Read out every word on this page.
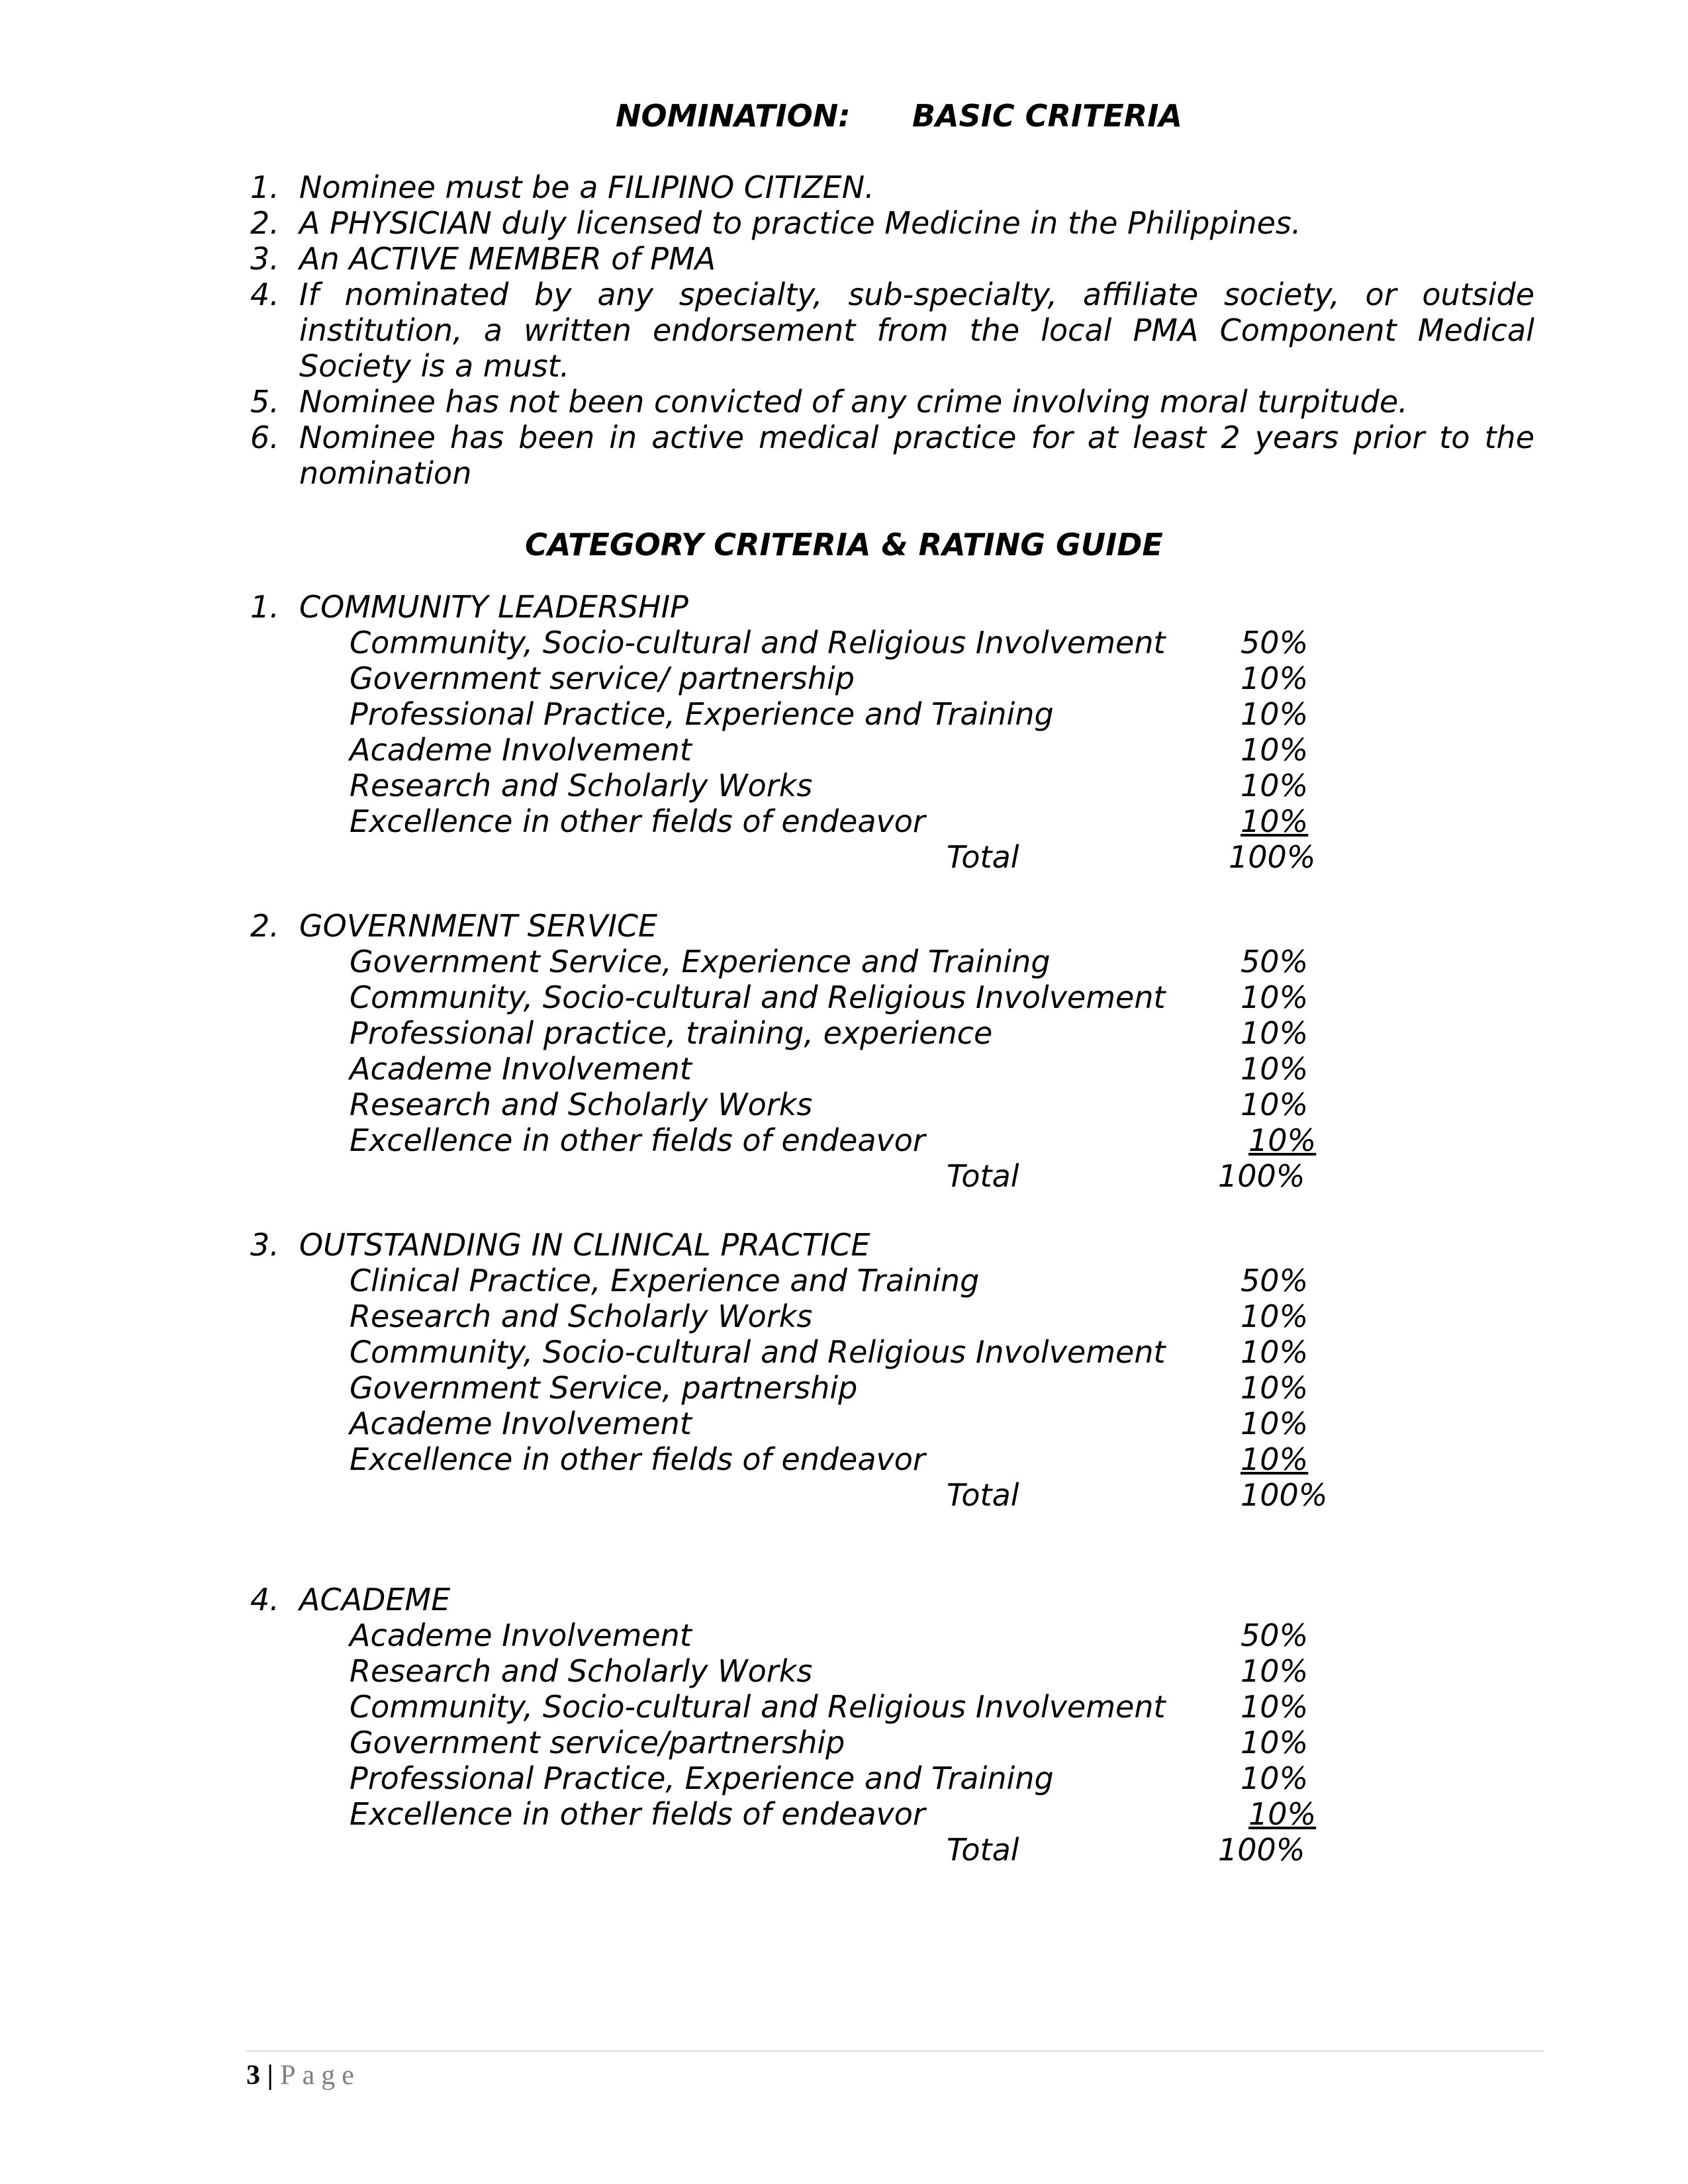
NOMINATION: BASIC CRITERIA
1. Nominee must be a FILIPINO CITIZEN.
2. A PHYSICIAN duly licensed to practice Medicine in the Philippines.
3. An ACTIVE MEMBER of PMA
4. If nominated by any specialty, sub-specialty, affiliate society, or outside institution, a written endorsement from the local PMA Component Medical Society is a must.
5. Nominee has not been convicted of any crime involving moral turpitude.
6. Nominee has been in active medical practice for at least 2 years prior to the nomination
CATEGORY CRITERIA & RATING GUIDE
1. COMMUNITY LEADERSHIP
Community, Socio-cultural and Religious Involvement 50%
Government service/ partnership	10%
Professional Practice, Experience and Training	10%
Academe Involvement	10%
Research and Scholarly Works	10%
Excellence in other fields of endeavor	10%
Total	100%
2. GOVERNMENT SERVICE
Government Service, Experience and Training	50%
Community, Socio-cultural and Religious Involvement 10%
Professional practice, training, experience	10%
Academe Involvement	10%
Research and Scholarly Works	10%
Excellence in other fields of endeavor	10%
Total	100%
3. OUTSTANDING IN CLINICAL PRACTICE
Clinical Practice, Experience and Training	50%
Research and Scholarly Works	10%
Community, Socio-cultural and Religious Involvement 10%
Government Service, partnership	10%
Academe Involvement	10%
Excellence in other fields of endeavor	10%
Total	100%
4. ACADEME
Academe Involvement	50%
Research and Scholarly Works	10%
Community, Socio-cultural and Religious Involvement 10%
Government service/partnership	10%
Professional Practice, Experience and Training	10%
Excellence in other fields of endeavor	10%
Total	100%
3 | Page
